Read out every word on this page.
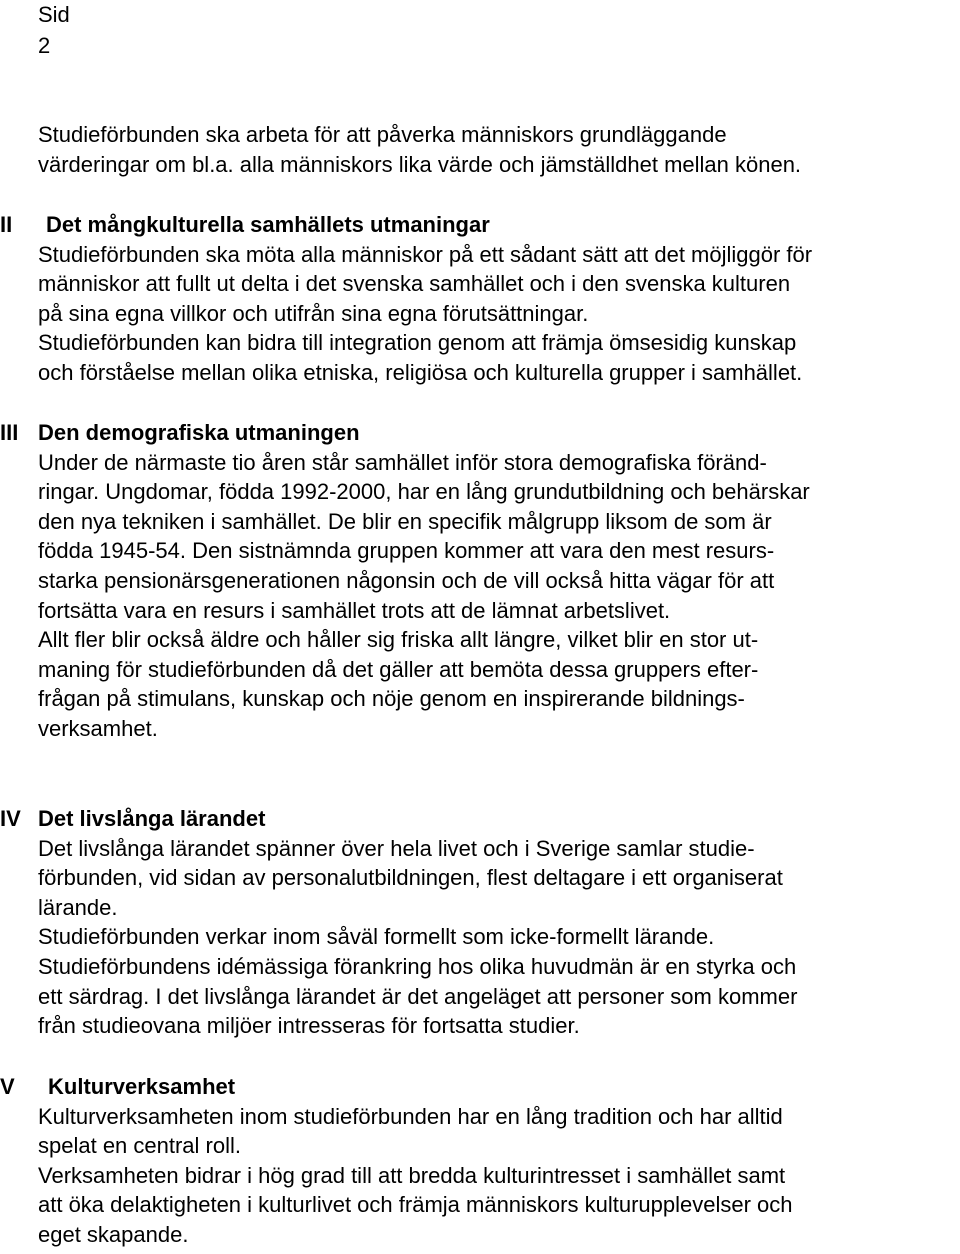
Sid

2

Studieförbunden ska arbeta för att påverka människors grundläggande
värderingar om bl.a. alla människors lika värde och jämställdhet mellan könen.
II Det mångkulturella samhällets utmaningar
Studieförbunden ska möta alla människor på ett sådant sätt att det möjliggör för
människor att fullt ut delta i det svenska samhället och i den svenska kulturen
på sina egna villkor och utifrån sina egna förutsättningar.
Studieförbunden kan bidra till integration genom att främja ömsesidig kunskap
och förståelse mellan olika etniska, religiösa och kulturella grupper i samhället.
III Den demografiska utmaningen
Under de närmaste tio åren står samhället inför stora demografiska föränd-
ringar. Ungdomar, födda 1992-2000, har en lång grundutbildning och behärskar
den nya tekniken i samhället. De blir en specifik målgrupp liksom de som är
födda 1945-54. Den sistnämnda gruppen kommer att vara den mest resurs-
starka pensionärsgenerationen någonsin och de vill också hitta vägar för att
fortsätta vara en resurs i samhället trots att de lämnat arbetslivet.
Allt fler blir också äldre och håller sig friska allt längre, vilket blir en stor ut-
maning för studieförbunden då det gäller att bemöta dessa gruppers efter-
frågan på stimulans, kunskap och nöje genom en inspirerande bildnings-
verksamhet.
IV Det livslånga lärandet
Det livslånga lärandet spänner över hela livet och i Sverige samlar studie-
förbunden, vid sidan av personalutbildningen, flest deltagare i ett organiserat
lärande.
Studieförbunden verkar inom såväl formellt som icke-formellt lärande.
Studieförbundens idémässiga förankring hos olika huvudmän är en styrka och
ett särdrag. I det livslånga lärandet är det angeläget att personer som kommer
från studieovana miljöer intresseras för fortsatta studier.
V Kulturverksamhet
Kulturverksamheten inom studieförbunden har en lång tradition och har alltid
spelat en central roll.
Verksamheten bidrar i hög grad till att bredda kulturintresset i samhället samt
att öka delaktigheten i kulturlivet och främja människors kulturupplevelser och
eget skapande.
